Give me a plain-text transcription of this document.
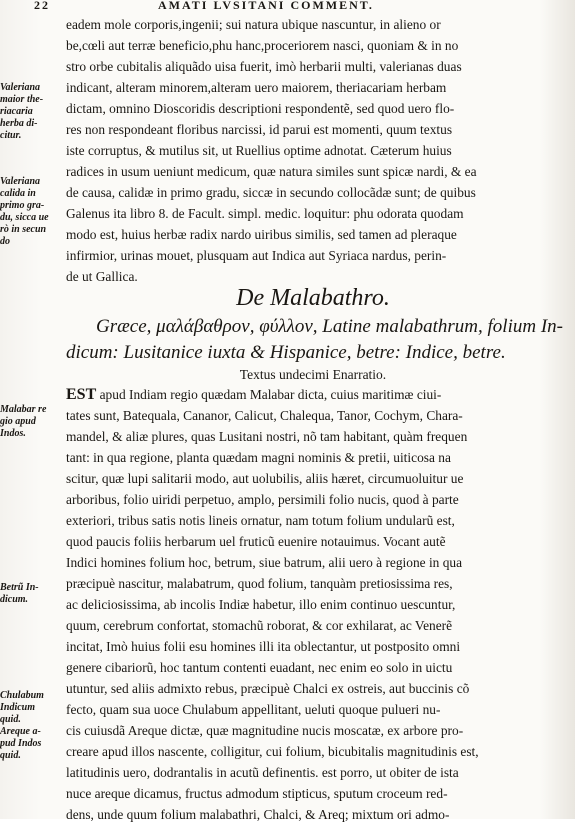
22	AMATI LVSITANI COMMENT.
eadem mole corporis,ingenii; sui natura ubique nascuntur, in alieno or
be,cœli aut terræ beneficio,phu hanc,proceriorem nasci, quoniam & in no
stro orbe cubitalis aliquãdo uisa fuerit, imò herbarii multi, valerianas duas
indicant, alteram minorem,alteram uero maiorem, theriacariam herbam
dictam, omnino Dioscoridis descriptioni respondentẽ, sed quod uero flo-
res non respondeant floribus narcissi, id parui est momenti, quum textus
iste corruptus, & mutilus sit, ut Ruellius optime adnotat. Cæterum huius
radices in usum ueniunt medicum, quæ natura similes sunt spicæ nardi, & ea
de causa, calidæ in primo gradu, siccæ in secundo collocãdæ sunt; de quibus
Galenus ita libro 8. de Facult. simpl. medic. loquitur: phu odorata quodam
modo est, huius herbæ radix nardo uiribus similis, sed tamen ad pleraque
infirmior, urinas mouet, plusquam aut Indica aut Syriaca nardus, perin-
de ut Gallica.
De Malabathro.
Græce, μαλάβαθρον, φύλλον, Latine malabathrum, folium In-
dicum: Lusitanice iuxta & Hispanice, betre: Indice, betre.
Textus undecimi Enarratio.
EST apud Indiam regio quædam Malabar dicta, cuius maritimæ ciui-
tates sunt, Batequala, Cananor, Calicut, Chalequa, Tanor, Cochym, Chara-
mandel, & aliæ plures, quas Lusitani nostri, nõ tam habitant, quàm frequen
tant: in qua regione, planta quædam magni nominis & pretii, uiticosa na
scitur, quæ lupi salitarii modo, aut uolubilis, aliis hæret, circumuoluitur ue
arboribus, folio uiridi perpetuo, amplo, persimili folio nucis, quod à parte
exteriori, tribus satis notis lineis ornatur, nam totum folium undularũ est,
quod paucis foliis herbarum uel fruticũ euenire notauimus. Vocant autẽ
Indici homines folium hoc, betrum, siue batrum, alii uero à regione in qua
præcipuè nascitur, malabatrum, quod folium, tanquàm pretiosissima res,
ac deliciosissima, ab incolis Indiæ habetur, illo enim continuo uescuntur,
quum, cerebrum confortat, stomachũ roborat, & cor exhilarat, ac Venerẽ
incitat, Imò huius folii esu homines illi ita oblectantur, ut postposito omni
genere cibariorũ, hoc tantum contenti euadant, nec enim eo solo in uictu
utuntur, sed aliis admixto rebus, præcipuè Chalci ex ostreis, aut buccinis cõ
fecto, quam sua uoce Chulabum appellitant, ueluti quoque pulueri nu-
cis cuiusdã Areque dictæ, quæ magnitudine nucis moscatæ, ex arbore pro-
creare apud illos nascente, colligitur, cui folium, bicubitalis magnitudinis est,
latitudinis uero, dodrantalis in acutũ definentis. est porro, ut obiter de ista
nuce areque dicamus, fructus admodum stipticus, sputum croceum red-
dens, unde quum folium malabathri, Chalci, & Areq; mixtum ori admo-
Valeriana
maior the-
riacaria
herba di-
citur.
Valeriana
calida in
primo gra-
du, sicca ue
rò in secun
do
Malabar re
gio apud
Indos.
Betrũ In-
dicum.
Chulabum
Indicum
quid.
Areque a-
pud Indos
quid.
